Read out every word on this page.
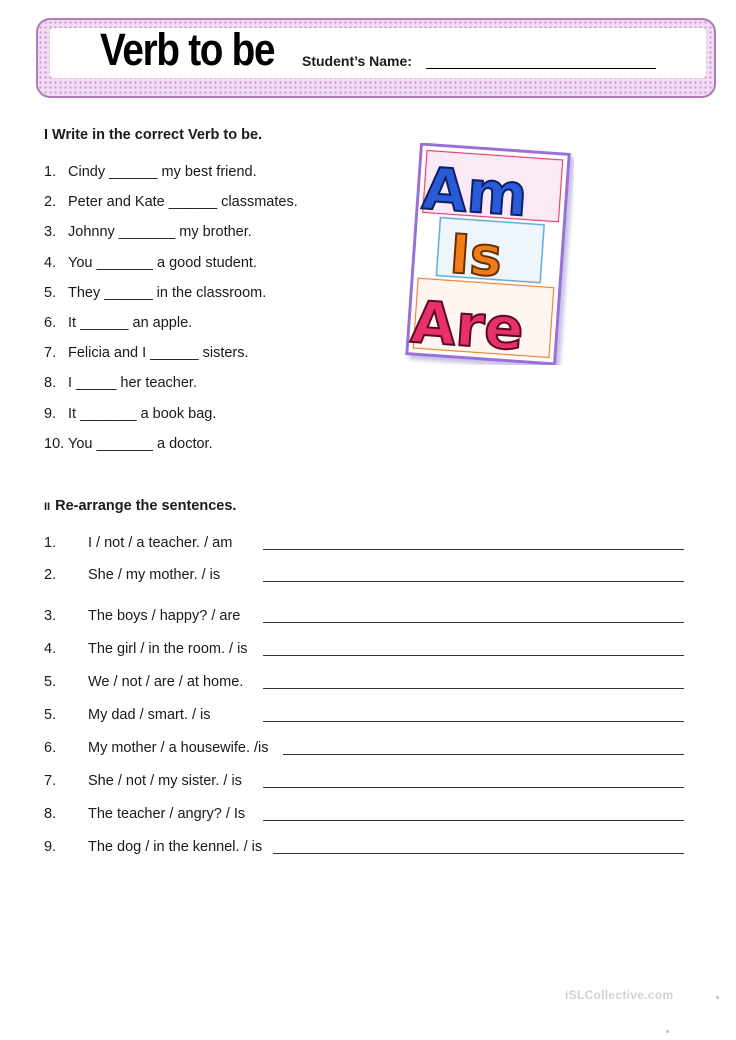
Verb to be Student’s Name:
I Write in the correct Verb to be.
1. Cindy ______ my best friend.
2. Peter and Kate ______ classmates.
3. Johnny _______ my brother.
4. You _______ a good student.
5. They ______ in the classroom.
6. It ______ an apple.
7. Felicia and I ______ sisters.
8. I _____ her teacher.
9. It _______ a book bag.
10. You _______ a doctor.
Am
Is
Are
II Re-arrange the sentences.
1. I / not / a teacher. / am
2. She / my mother. / is
3. The boys / happy? / are
4. The girl / in the room. / is
5. We / not / are / at home.
5. My dad / smart. / is
6. My mother / a housewife. /is
7. She / not / my sister. / is
8. The teacher / angry? / Is
9. The dog / in the kennel. / is
iSLCollective.com
